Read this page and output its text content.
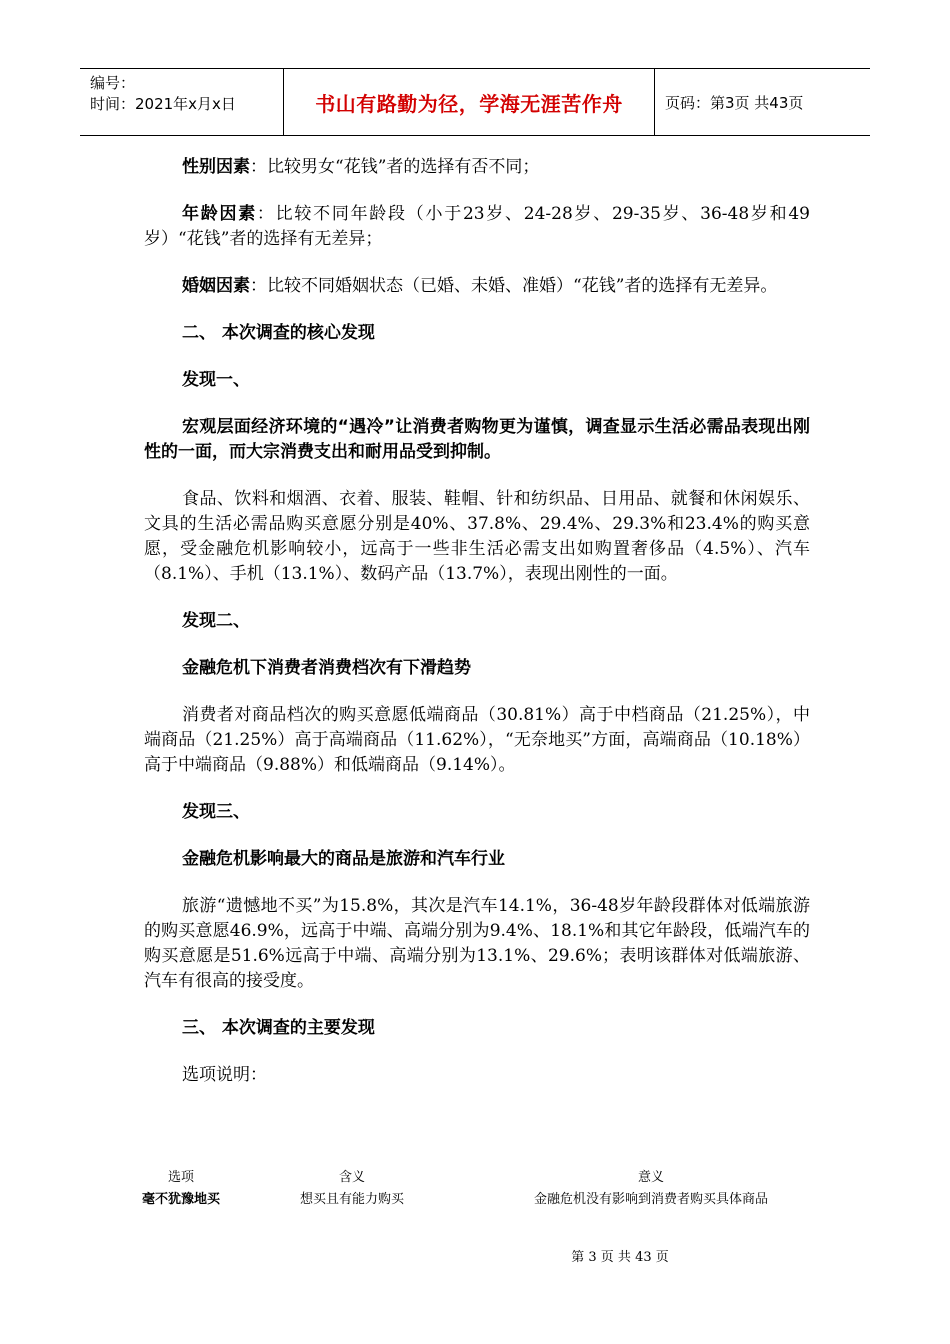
编号：
时间：2021年x月x日	书山有路勤为径，学海无涯苦作舟	页码：第3页 共43页

性别因素：比较男女“花钱”者的选择有否不同；

年龄因素：比较不同年龄段（小于23岁、24-28岁、29-35岁、36-48岁和49岁）“花钱”者的选择有无差异；

婚姻因素：比较不同婚姻状态（已婚、未婚、准婚）“花钱”者的选择有无差异。

二、 本次调查的核心发现

发现一、

宏观层面经济环境的“遇冷”让消费者购物更为谨慎，调查显示生活必需品表现出刚性的一面，而大宗消费支出和耐用品受到抑制。

食品、饮料和烟酒、衣着、服装、鞋帽、针和纺织品、日用品、就餐和休闲娱乐、文具的生活必需品购买意愿分别是40%、37.8%、29.4%、29.3%和23.4%的购买意愿，受金融危机影响较小，远高于一些非生活必需支出如购置奢侈品（4.5%）、汽车（8.1%）、手机（13.1%）、数码产品（13.7%），表现出刚性的一面。

发现二、

金融危机下消费者消费档次有下滑趋势

消费者对商品档次的购买意愿低端商品（30.81%）高于中档商品（21.25%），中端商品（21.25%）高于高端商品（11.62%），“无奈地买”方面，高端商品（10.18%）高于中端商品（9.88%）和低端商品（9.14%）。

发现三、

金融危机影响最大的商品是旅游和汽车行业

旅游“遗憾地不买”为15.8%，其次是汽车14.1%，36-48岁年龄段群体对低端旅游的购买意愿46.9%，远高于中端、高端分别为9.4%、18.1%和其它年龄段，低端汽车的购买意愿是51.6%远高于中端、高端分别为13.1%、29.6%；表明该群体对低端旅游、汽车有很高的接受度。

三、 本次调查的主要发现

选项说明：

选项	含义	意义
毫不犹豫地买	想买且有能力购买	金融危机没有影响到消费者购买具体商品
第 3 页 共 43 页
